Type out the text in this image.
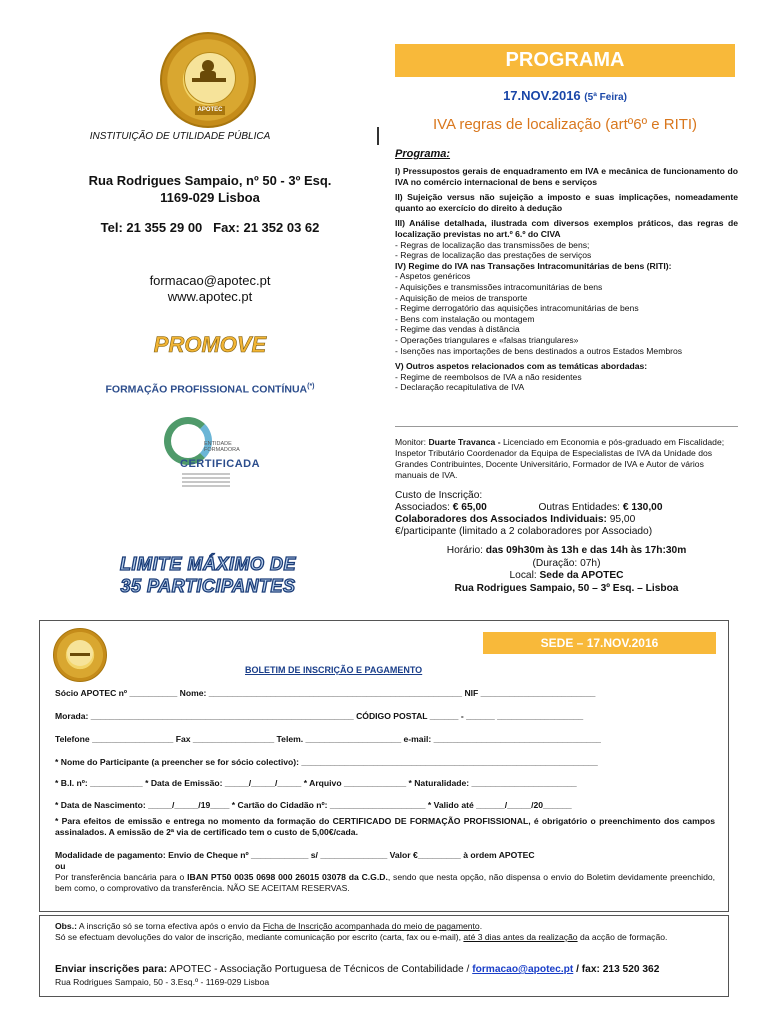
APOTEC
INSTITUIÇÃO DE UTILIDADE PÚBLICA
Rua Rodrigues Sampaio, nº 50 - 3º Esq.
1169-029 Lisboa
Tel: 21 355 29 00   Fax: 21 352 03 62
formacao@apotec.pt
www.apotec.pt
PROMOVE
FORMAÇÃO PROFISSIONAL CONTÍNUA(*)
ENTIDADE FORMADORA
CERTIFICADA
LIMITE MÁXIMO DE
35 PARTICIPANTES
PROGRAMA
17.NOV.2016 (5ª Feira)
IVA regras de localização (artº6º e RITI)
Programa:
I) Pressupostos gerais de enquadramento em IVA e mecânica de funcionamento do IVA no comércio internacional de bens e serviços
II) Sujeição versus não sujeição a imposto e suas implicações, nomeadamente quanto ao exercício do direito à dedução
III) Análise detalhada, ilustrada com diversos exemplos práticos, das regras de localização previstas no art.º 6.º do CIVA
- Regras de localização das transmissões de bens;
- Regras de localização das prestações de serviços
IV) Regime do IVA nas Transações Intracomunitárias de bens (RITI):
- Aspetos genéricos
- Aquisições e transmissões intracomunitárias de bens
- Aquisição de meios de transporte
- Regime derrogatório das aquisições intracomunitárias de bens
- Bens com instalação ou montagem
- Regime das vendas à distância
- Operações triangulares e «falsas triangulares»
- Isenções nas importações de bens destinados a outros Estados Membros
V) Outros aspetos relacionados com as temáticas abordadas:
- Regime de reembolsos de IVA a não residentes
- Declaração recapitulativa de IVA
Monitor: Duarte Travanca - Licenciado em Economia e pós-graduado em Fiscalidade; Inspetor Tributário Coordenador da Equipa de Especialistas de IVA da Unidade dos Grandes Contribuintes, Docente Universitário, Formador de IVA e Autor de vários manuais de IVA.
Custo de Inscrição:
Associados: € 65,00	Outras Entidades: € 130,00
Colaboradores dos Associados Individuais: 95,00
€/participante (limitado a 2 colaboradores por Associado)
Horário: das 09h30m às 13h e das 14h às 17h:30m
(Duração: 07h)
Local: Sede da APOTEC
Rua Rodrigues Sampaio, 50 – 3º Esq. – Lisboa
SEDE – 17.NOV.2016
BOLETIM DE INSCRIÇÃO E PAGAMENTO
Sócio APOTEC nº __________ Nome: _____________________________________________________ NIF ________________________
Morada: _______________________________________________________ CÓDIGO POSTAL ______ - ______ __________________
Telefone _________________ Fax _________________ Telem. ____________________ e-mail: ___________________________________
* Nome do Participante (a preencher se for sócio colectivo): ______________________________________________________________
* B.I. nº: ___________ * Data de Emissão: _____/_____/_____ * Arquivo _____________ * Naturalidade: ______________________
* Data de Nascimento: _____/_____/19____ * Cartão do Cidadão nº: ____________________ * Valido até ______/_____/20______
* Para efeitos de emissão e entrega no momento da formação do CERTIFICADO DE FORMAÇÃO PROFISSIONAL, é obrigatório o preenchimento dos campos assinalados. A emissão de 2ª via de certificado tem o custo de 5,00€/cada.
Modalidade de pagamento: Envio de Cheque nº ____________ s/ ______________ Valor €_________ à ordem APOTEC
ou
Por transferência bancária para o IBAN PT50 0035 0698 000 26015 03078 da C.G.D., sendo que nesta opção, não dispensa o envio do Boletim devidamente preenchido, bem como, o comprovativo da transferência. NÃO SE ACEITAM RESERVAS.
Obs.: A inscrição só se torna efectiva após o envio da Ficha de Inscrição acompanhada do meio de pagamento.
Só se efectuam devoluções do valor de inscrição, mediante comunicação por escrito (carta, fax ou e-mail), até 3 dias antes da realização da acção de formação.
Enviar inscrições para: APOTEC - Associação Portuguesa de Técnicos de Contabilidade / formacao@apotec.pt / fax: 213 520 362
Rua Rodrigues Sampaio, 50 - 3.Esq.º - 1169-029 Lisboa
